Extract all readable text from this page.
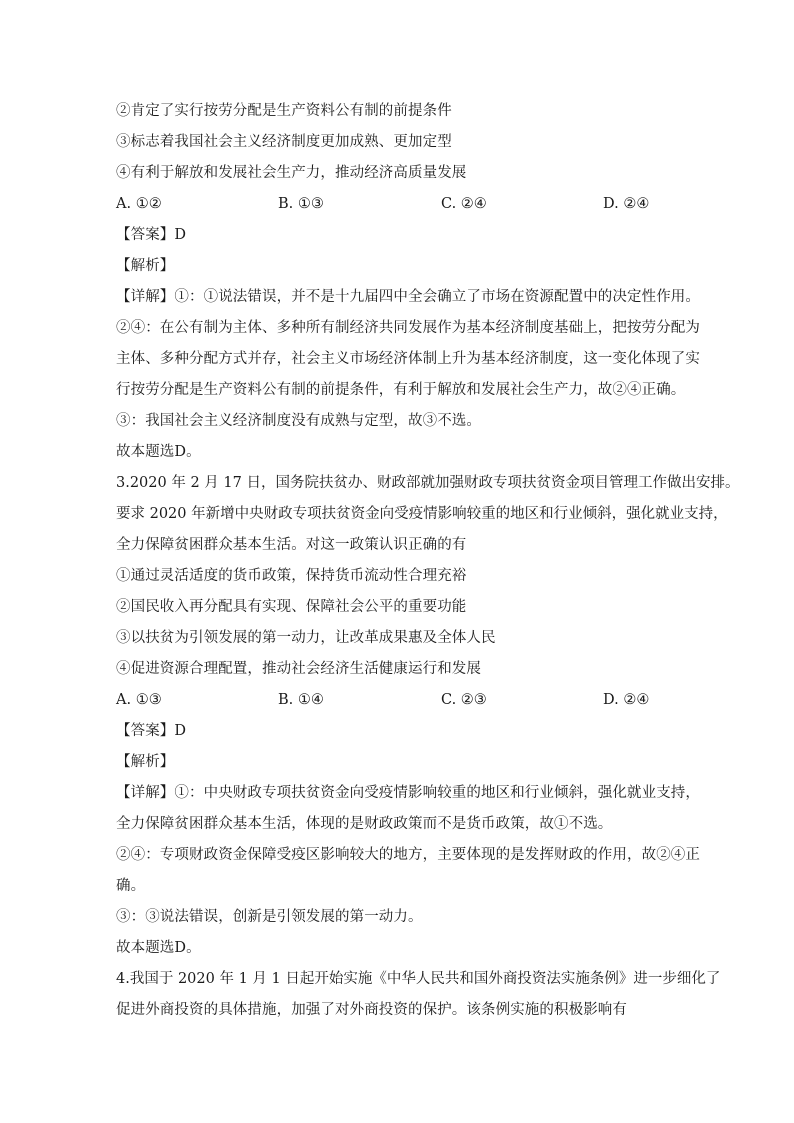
②肯定了实行按劳分配是生产资料公有制的前提条件
③标志着我国社会主义经济制度更加成熟、更加定型
④有利于解放和发展社会生产力，推动经济高质量发展
A. ①②	B. ①③	C. ②④	D. ②④
【答案】D
【解析】
【详解】①：①说法错误，并不是十九届四中全会确立了市场在资源配置中的决定性作用。
②④：在公有制为主体、多种所有制经济共同发展作为基本经济制度基础上，把按劳分配为
主体、多种分配方式并存，社会主义市场经济体制上升为基本经济制度，这一变化体现了实
行按劳分配是生产资料公有制的前提条件，有利于解放和发展社会生产力，故②④正确。
③：我国社会主义经济制度没有成熟与定型，故③不选。
故本题选D。
3.2020 年 2 月 17 日，国务院扶贫办、财政部就加强财政专项扶贫资金项目管理工作做出安排。
要求 2020 年新增中央财政专项扶贫资金向受疫情影响较重的地区和行业倾斜，强化就业支持，
全力保障贫困群众基本生活。对这一政策认识正确的有
①通过灵活适度的货币政策，保持货币流动性合理充裕
②国民收入再分配具有实现、保障社会公平的重要功能
③以扶贫为引领发展的第一动力，让改革成果惠及全体人民
④促进资源合理配置，推动社会经济生活健康运行和发展
A. ①③	B. ①④	C. ②③	D. ②④
【答案】D
【解析】
【详解】①：中央财政专项扶贫资金向受疫情影响较重的地区和行业倾斜，强化就业支持，
全力保障贫困群众基本生活，体现的是财政政策而不是货币政策，故①不选。
②④：专项财政资金保障受疫区影响较大的地方，主要体现的是发挥财政的作用，故②④正
确。
③：③说法错误，创新是引领发展的第一动力。
故本题选D。
4.我国于 2020 年 1 月 1 日起开始实施《中华人民共和国外商投资法实施条例》进一步细化了
促进外商投资的具体措施，加强了对外商投资的保护。该条例实施的积极影响有
